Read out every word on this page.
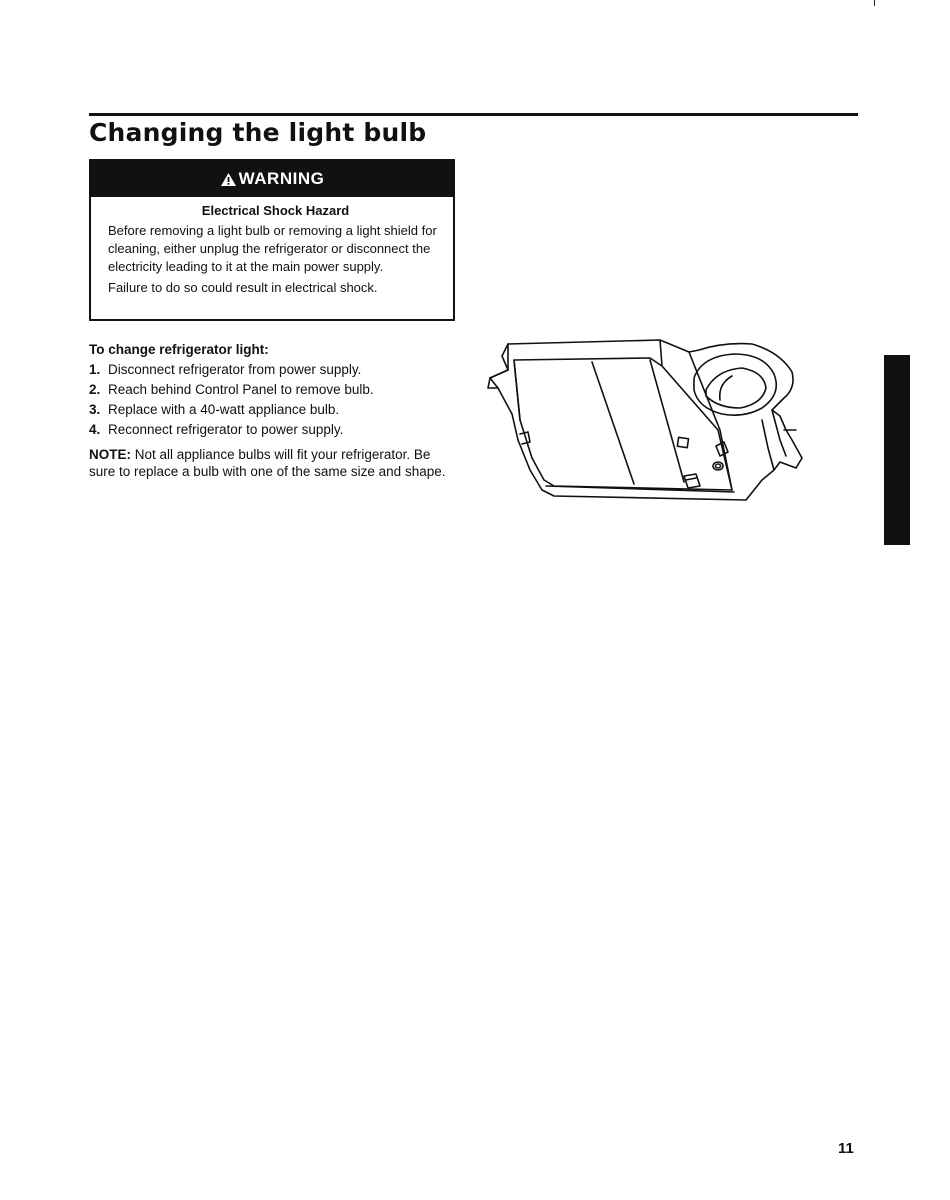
Changing the light bulb
WARNING
Electrical Shock Hazard

Before removing a light bulb or removing a light shield for cleaning, either unplug the refrigerator or disconnect the electricity leading to it at the main power supply.

Failure to do so could result in electrical shock.

To change refrigerator light:

1. Disconnect refrigerator from power supply.
2. Reach behind Control Panel to remove bulb.
3. Replace with a 40-watt appliance bulb.
4. Reconnect refrigerator to power supply.

NOTE: Not all appliance bulbs will fit your refrigerator. Be sure to replace a bulb with one of the same size and shape.

11
